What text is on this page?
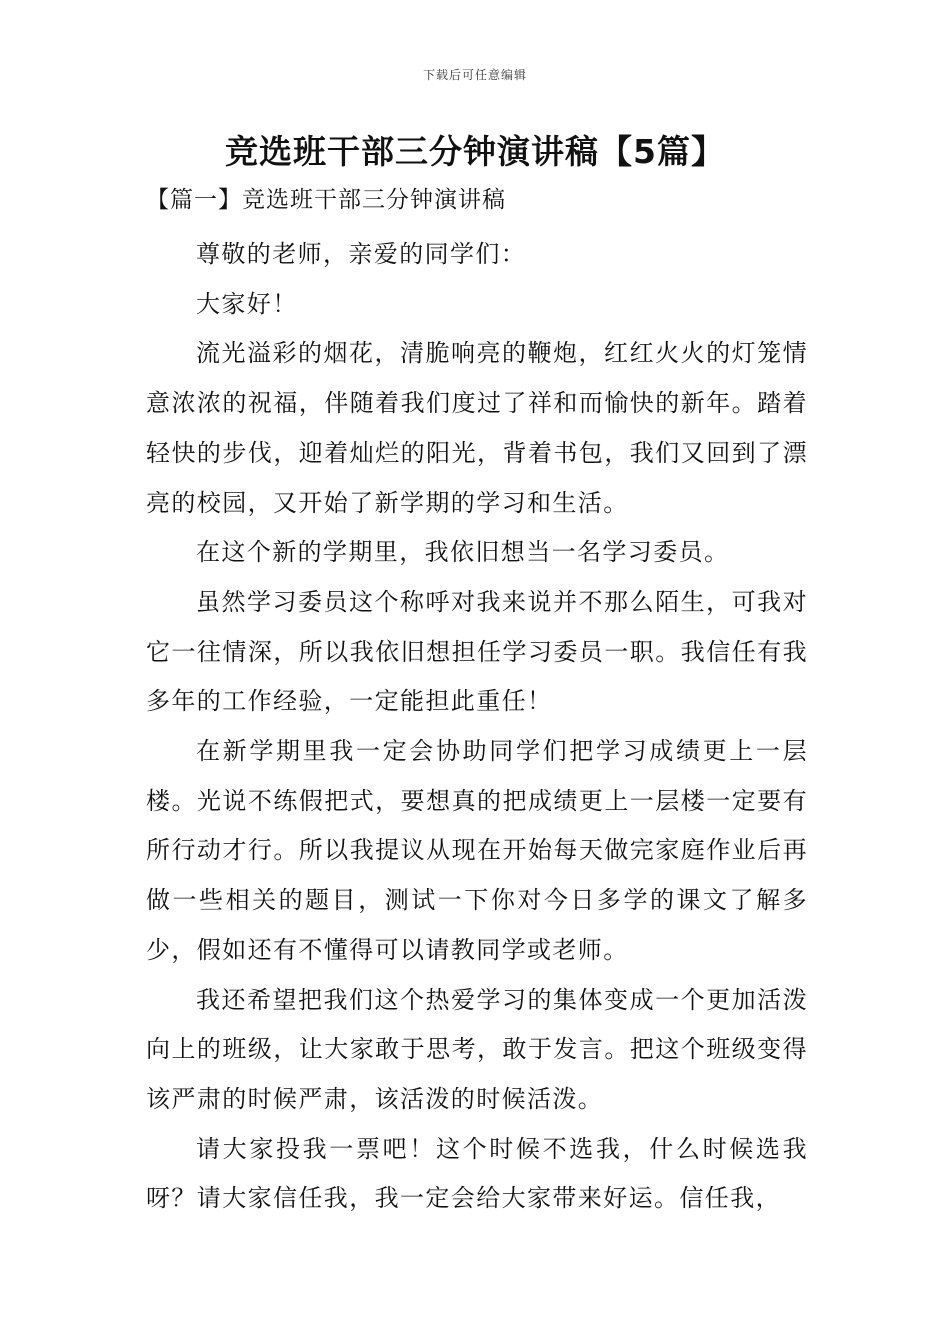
下载后可任意编辑
竞选班干部三分钟演讲稿【5篇】
【篇一】竞选班干部三分钟演讲稿

尊敬的老师，亲爱的同学们：

大家好！

流光溢彩的烟花，清脆响亮的鞭炮，红红火火的灯笼情意浓浓的祝福，伴随着我们度过了祥和而愉快的新年。踏着轻快的步伐，迎着灿烂的阳光，背着书包，我们又回到了漂亮的校园，又开始了新学期的学习和生活。

在这个新的学期里，我依旧想当一名学习委员。

虽然学习委员这个称呼对我来说并不那么陌生，可我对它一往情深，所以我依旧想担任学习委员一职。我信任有我多年的工作经验，一定能担此重任！

在新学期里我一定会协助同学们把学习成绩更上一层楼。光说不练假把式，要想真的把成绩更上一层楼一定要有所行动才行。所以我提议从现在开始每天做完家庭作业后再做一些相关的题目，测试一下你对今日多学的课文了解多少，假如还有不懂得可以请教同学或老师。

我还希望把我们这个热爱学习的集体变成一个更加活泼向上的班级，让大家敢于思考，敢于发言。把这个班级变得该严肃的时候严肃，该活泼的时候活泼。

请大家投我一票吧！这个时候不选我，什么时候选我呀？请大家信任我，我一定会给大家带来好运。信任我，
